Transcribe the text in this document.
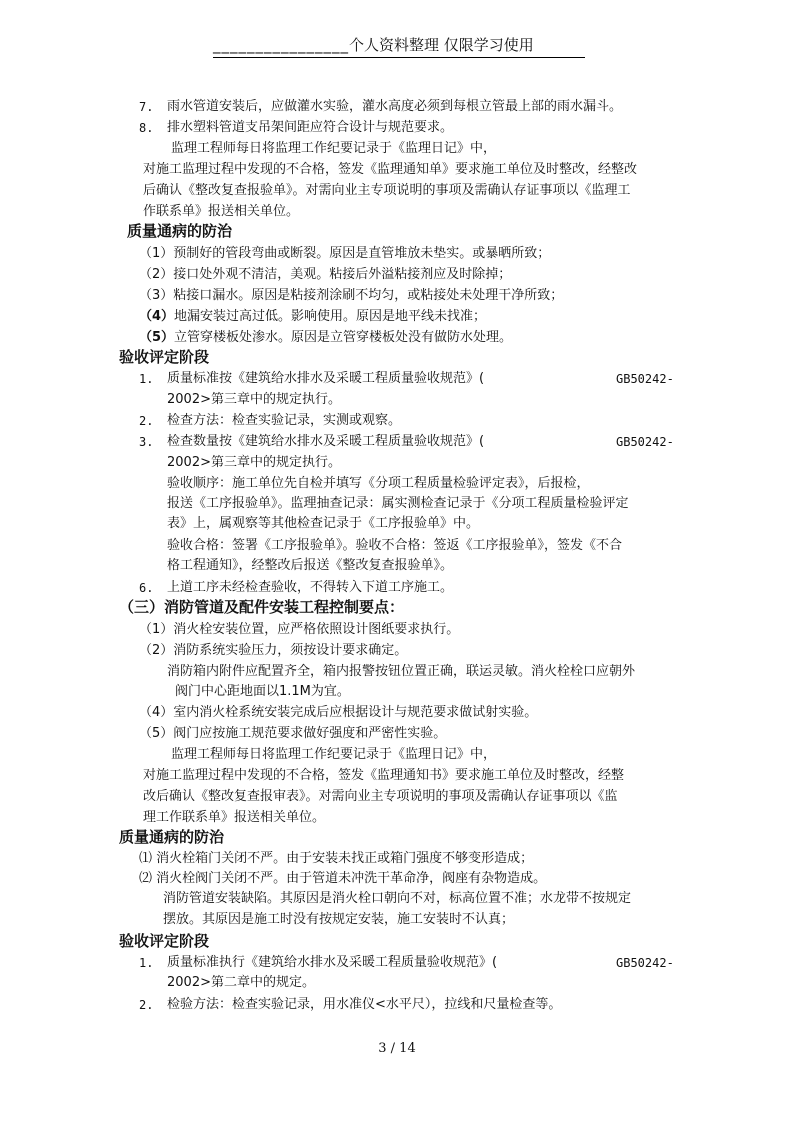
________________个人资料整理 仅限学习使用
7. 雨水管道安装后，应做灌水实验，灌水高度必须到每根立管最上部的雨水漏斗。
8. 排水塑料管道支吊架间距应符合设计与规范要求。
监理工程师每日将监理工作纪要记录于《监理日记》中，
对施工监理过程中发现的不合格，签发《监理通知单》要求施工单位及时整改，经整改
后确认《整改复查报验单》。对需向业主专项说明的事项及需确认存证事项以《监理工
作联系单》报送相关单位。
质量通病的防治
（1）预制好的管段弯曲或断裂。原因是直管堆放未垫实。或暴晒所致；
（2）接口处外观不清洁，美观。粘接后外溢粘接剂应及时除掉；
（3）粘接口漏水。原因是粘接剂涂刷不均匀，或粘接处未处理干净所致；
（4）地漏安装过高过低。影响使用。原因是地平线未找准；
（5）立管穿楼板处渗水。原因是立管穿楼板处没有做防水处理。
验收评定阶段
1. 质量标准按《建筑给水排水及采暖工程质量验收规范》(	GB50242-
2002>第三章中的规定执行。
2. 检查方法：检查实验记录，实测或观察。
3. 检查数量按《建筑给水排水及采暖工程质量验收规范》(	GB50242-
2002>第三章中的规定执行。
验收顺序：施工单位先自检并填写《分项工程质量检验评定表》，后报检，
报送《工序报验单》。监理抽查记录：属实测检查记录于《分项工程质量检验评定
表》上，属观察等其他检查记录于《工序报验单》中。
验收合格：签署《工序报验单》。验收不合格：签返《工序报验单》，签发《不合
格工程通知》，经整改后报送《整改复查报验单》。
6. 上道工序未经检查验收，不得转入下道工序施工。
（三）消防管道及配件安装工程控制要点：
（1）消火栓安装位置，应严格依照设计图纸要求执行。
（2）消防系统实验压力，须按设计要求确定。
消防箱内附件应配置齐全，箱内报警按钮位置正确，联运灵敏。消火栓栓口应朝外
阀门中心距地面以1.1M为宜。
（4）室内消火栓系统安装完成后应根据设计与规范要求做试射实验。
（5）阀门应按施工规范要求做好强度和严密性实验。
监理工程师每日将监理工作纪要记录于《监理日记》中，
对施工监理过程中发现的不合格，签发《监理通知书》要求施工单位及时整改，经整
改后确认《整改复查报审表》。对需向业主专项说明的事项及需确认存证事项以《监
理工作联系单》报送相关单位。
质量通病的防治
⑴ 消火栓箱门关闭不严。由于安装未找正或箱门强度不够变形造成；
⑵ 消火栓阀门关闭不严。由于管道未冲洗干革命净，阀座有杂物造成。
消防管道安装缺陷。其原因是消火栓口朝向不对，标高位置不准；水龙带不按规定
摆放。其原因是施工时没有按规定安装，施工安装时不认真；
验收评定阶段
1. 质量标准执行《建筑给水排水及采暖工程质量验收规范》(	GB50242-
2002>第二章中的规定。
2. 检验方法：检查实验记录，用水准仪<水平尺），拉线和尺量检查等。
3 / 14
